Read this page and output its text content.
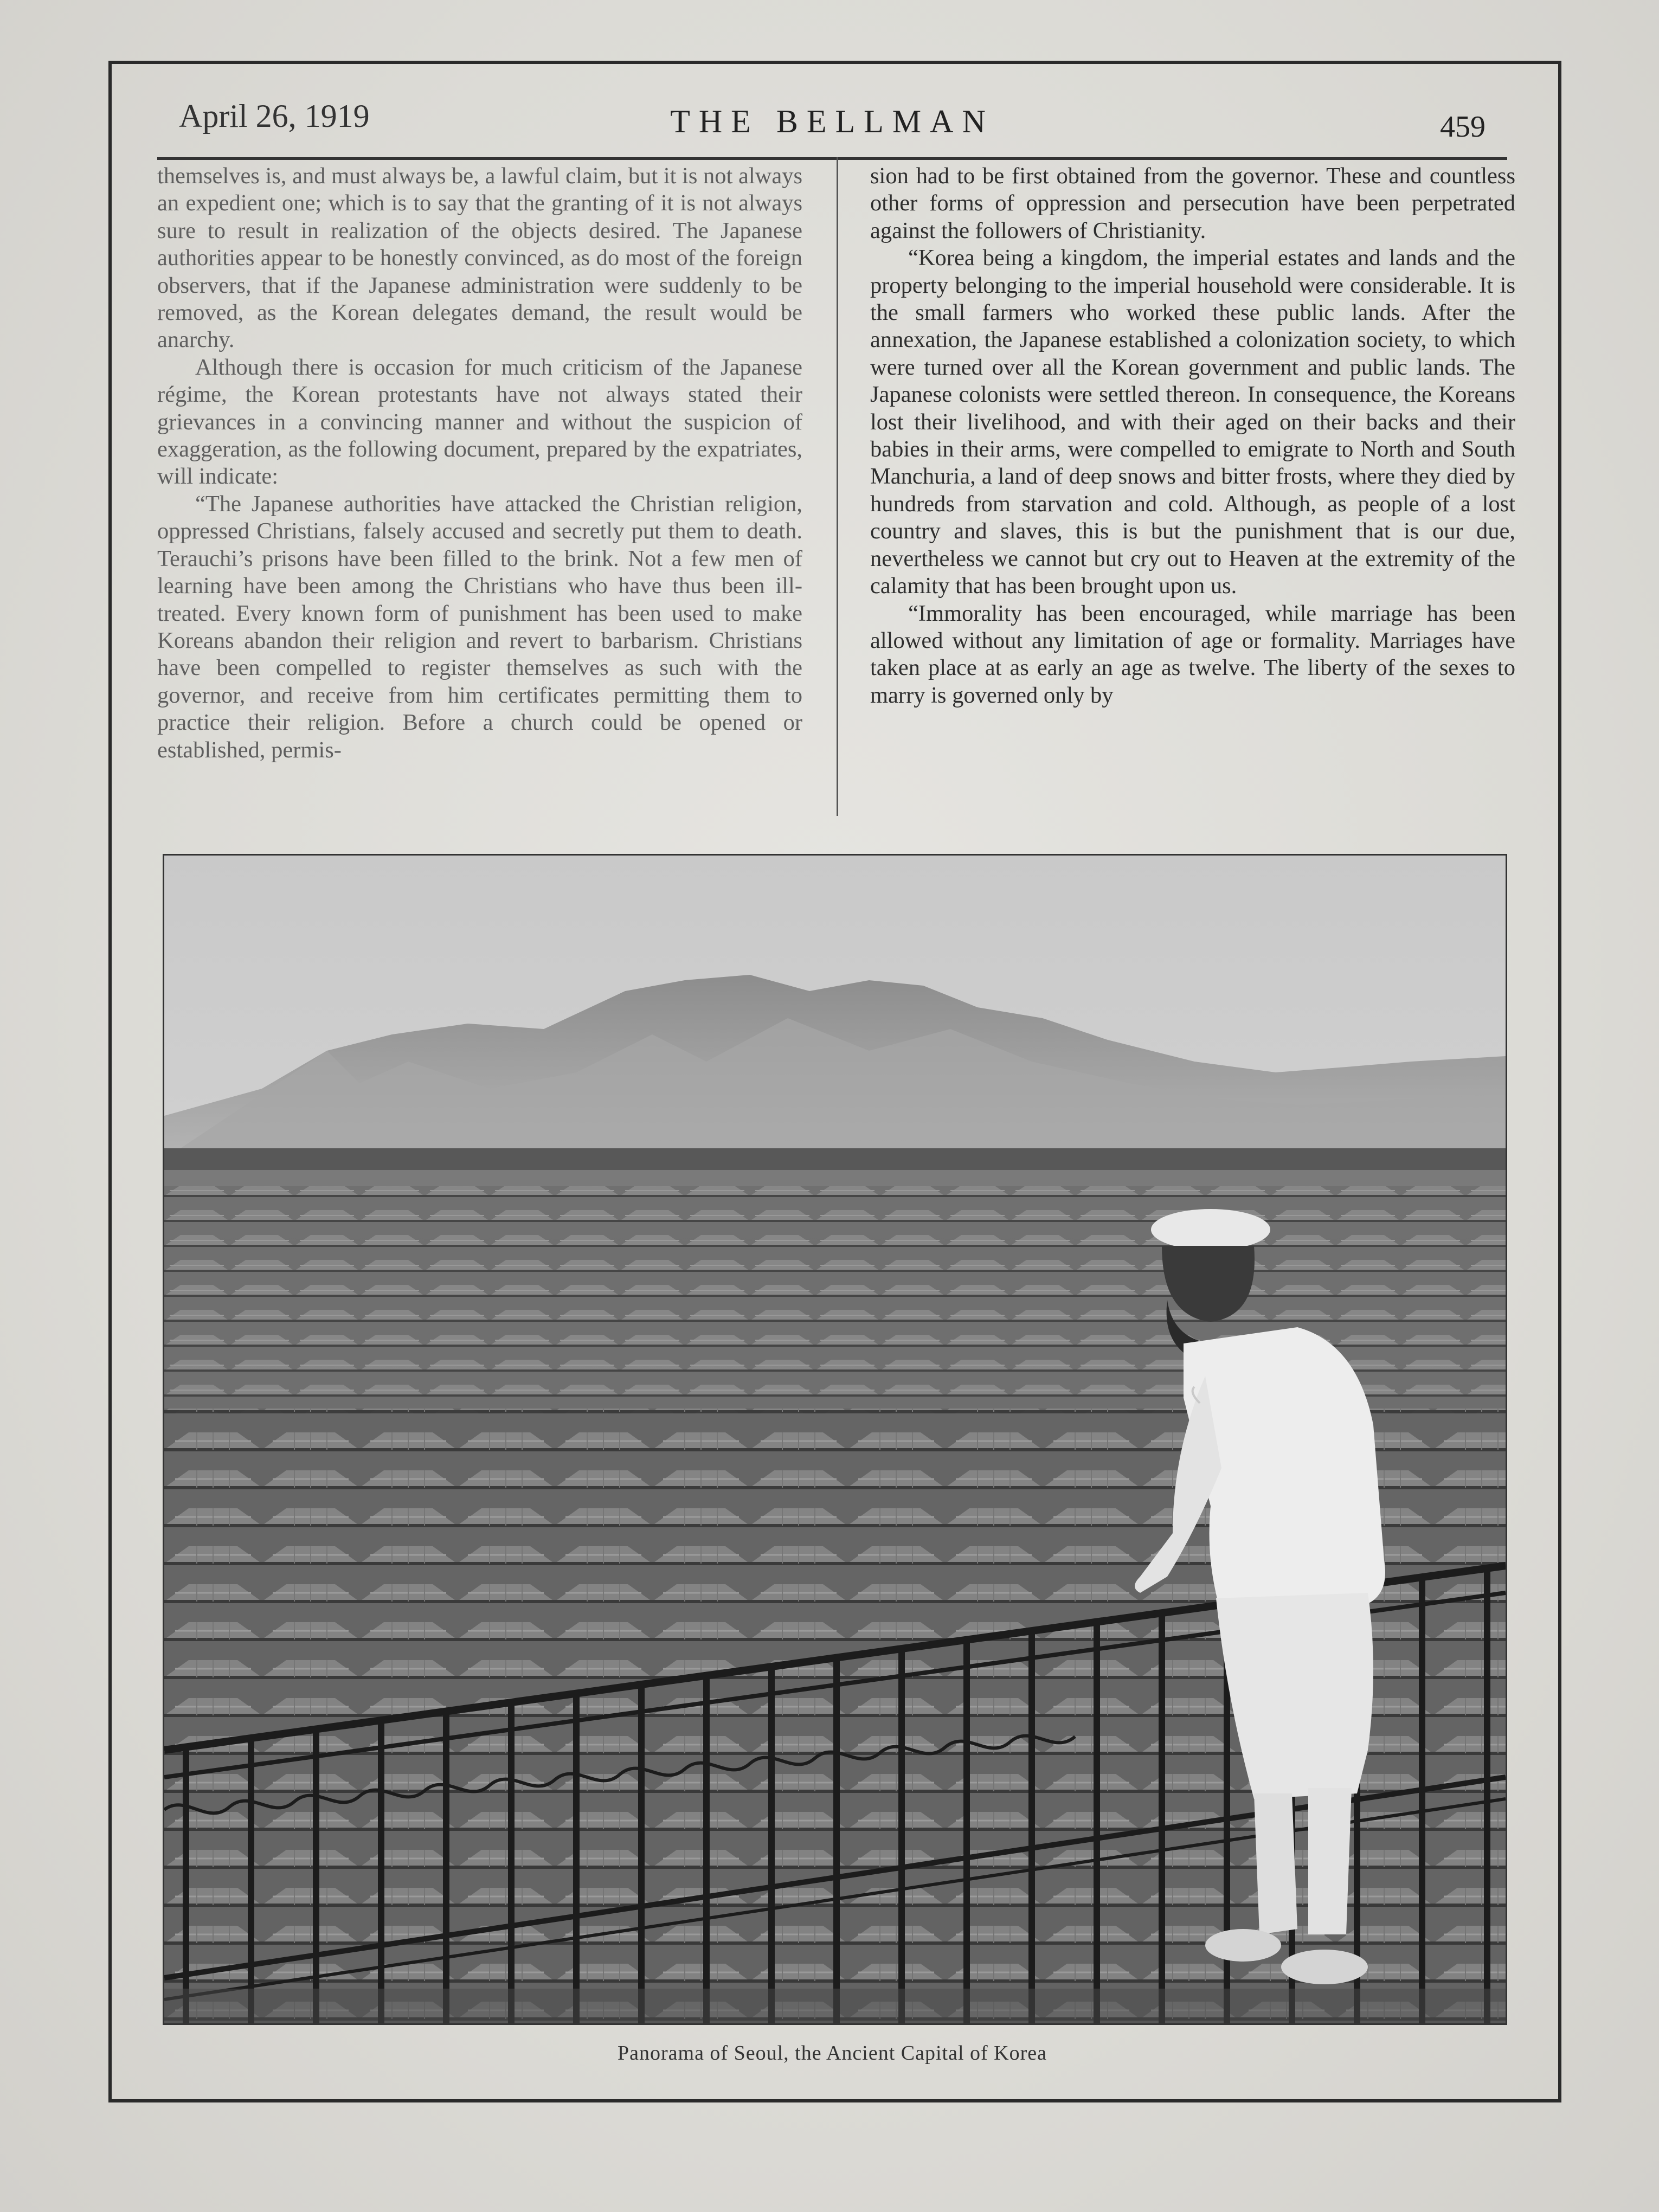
April 26, 1919	THE BELLMAN	459

themselves is, and must always be, a lawful claim, but it is not always an expedient one; which is to say that the granting of it is not always sure to result in realization of the objects desired. The Japanese authorities appear to be honestly convinced, as do most of the foreign observers, that if the Japanese administration were suddenly to be removed, as the Korean delegates demand, the result would be anarchy.

Although there is occasion for much criticism of the Japanese régime, the Korean protestants have not always stated their grievances in a convincing manner and without the suspicion of exaggeration, as the following document, prepared by the expatriates, will indicate:

“The Japanese authorities have attacked the Christian religion, oppressed Christians, falsely accused and secretly put them to death. Terauchi’s prisons have been filled to the brink. Not a few men of learning have been among the Christians who have thus been illtreated. Every known form of punishment has been used to make Koreans abandon their religion and revert to barbarism. Christians have been compelled to register themselves as such with the governor, and receive from him certificates permitting them to practice their religion. Before a church could be opened or established, permis-

sion had to be first obtained from the governor. These and countless other forms of oppression and persecution have been perpetrated against the followers of Christianity.

“Korea being a kingdom, the imperial estates and lands and the property belonging to the imperial household were considerable. It is the small farmers who worked these public lands. After the annexation, the Japanese established a colonization society, to which were turned over all the Korean government and public lands. The Japanese colonists were settled thereon. In consequence, the Koreans lost their livelihood, and with their aged on their backs and their babies in their arms, were compelled to emigrate to North and South Manchuria, a land of deep snows and bitter frosts, where they died by hundreds from starvation and cold. Although, as people of a lost country and slaves, this is but the punishment that is our due, nevertheless we cannot but cry out to Heaven at the extremity of the calamity that has been brought upon us.

“Immorality has been encouraged, while marriage has been allowed without any limitation of age or formality. Marriages have taken place at as early an age as twelve. The liberty of the sexes to marry is governed only by

Panorama of Seoul, the Ancient Capital of Korea
